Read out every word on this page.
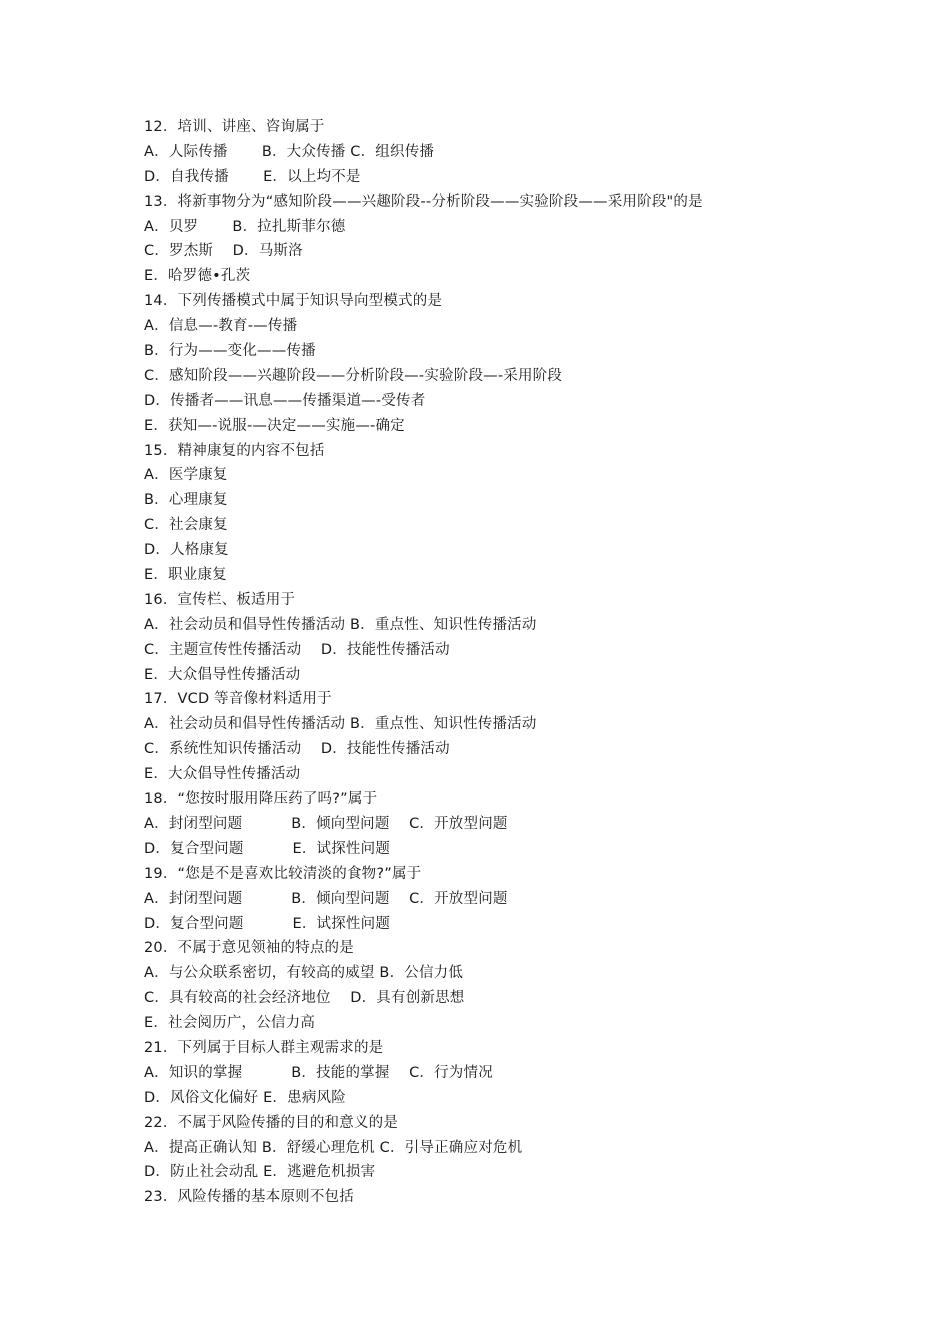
12．培训、讲座、咨询属于
A．人际传播　　 B．大众传播 C．组织传播
D．自我传播　　 E．以上均不是
13．将新事物分为“感知阶段——兴趣阶段--分析阶段——实验阶段——采用阶段"的是
A．贝罗　　 B．拉扎斯菲尔德
C．罗杰斯　 D．马斯洛
E．哈罗德•孔茨
14．下列传播模式中属于知识导向型模式的是
A．信息—-教育-—传播
B．行为——变化——传播
C．感知阶段——兴趣阶段——分析阶段—-实验阶段—-采用阶段
D．传播者——讯息——传播渠道—-受传者
E．获知—-说服-—决定——实施—-确定
15．精神康复的内容不包括
A．医学康复
B．心理康复
C．社会康复
D．人格康复
E．职业康复
16．宣传栏、板适用于
A．社会动员和倡导性传播活动 B．重点性、知识性传播活动
C．主题宣传性传播活动　 D．技能性传播活动
E．大众倡导性传播活动
17．VCD 等音像材料适用于
A．社会动员和倡导性传播活动 B．重点性、知识性传播活动
C．系统性知识传播活动　 D．技能性传播活动
E．大众倡导性传播活动
18．“您按时服用降压药了吗?”属于
A．封闭型问题　　　 B．倾向型问题　 C．开放型问题
D．复合型问题　　　 E．试探性问题
19．“您是不是喜欢比较清淡的食物?”属于
A．封闭型问题　　　 B．倾向型问题　 C．开放型问题
D．复合型问题　　　 E．试探性问题
20．不属于意见领袖的特点的是
A．与公众联系密切，有较高的威望 B．公信力低
C．具有较高的社会经济地位　 D．具有创新思想
E．社会阅历广，公信力高
21．下列属于目标人群主观需求的是
A．知识的掌握　　　 B．技能的掌握　 C．行为情况
D．风俗文化偏好 E．患病风险
22．不属于风险传播的目的和意义的是
A．提高正确认知 B．舒缓心理危机 C．引导正确应对危机
D．防止社会动乱 E．逃避危机损害
23．风险传播的基本原则不包括
